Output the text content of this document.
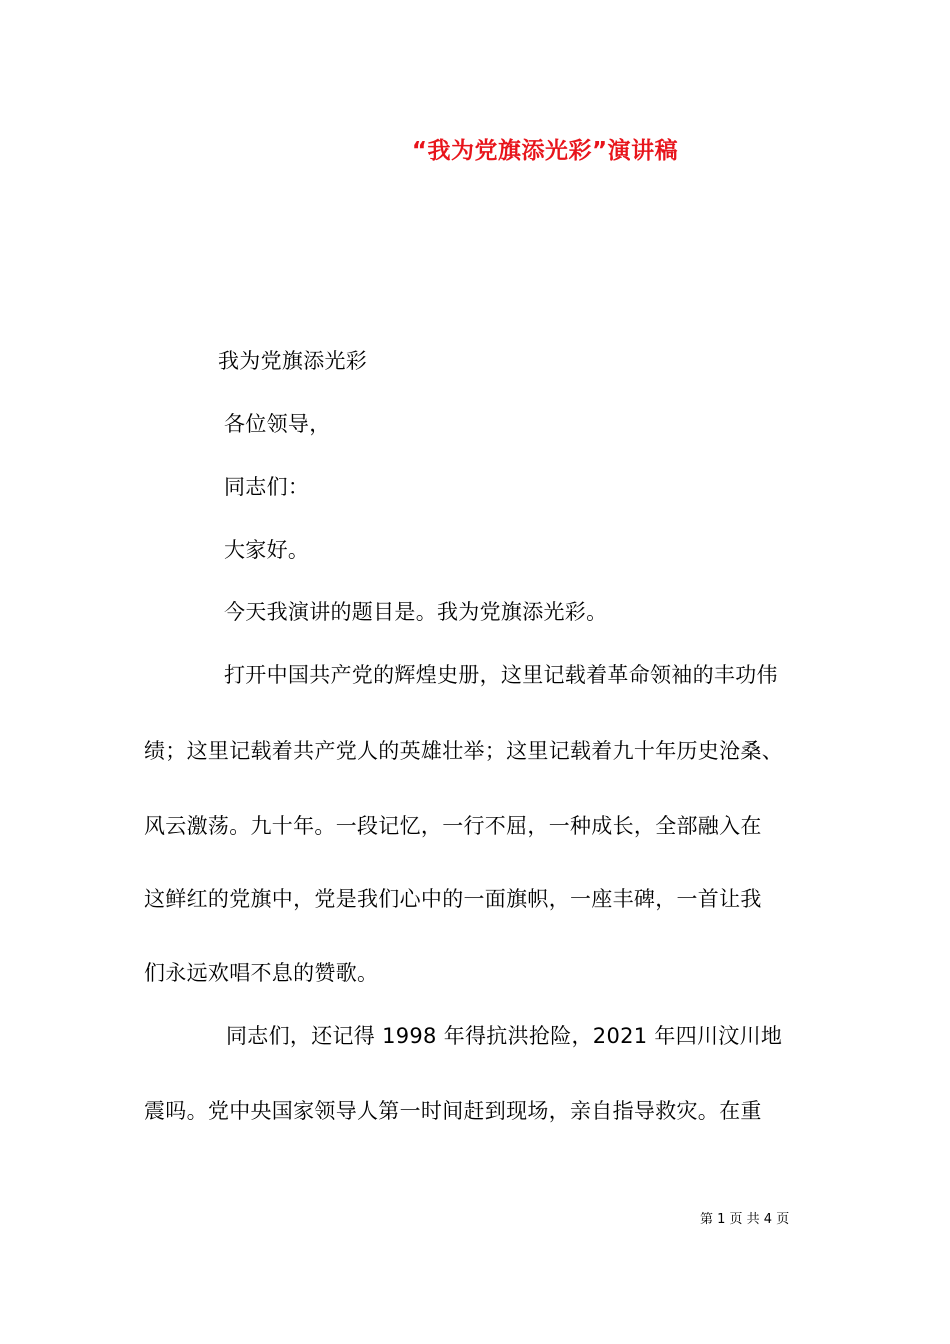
“我为党旗添光彩”演讲稿
我为党旗添光彩
各位领导，
同志们：
大家好。
今天我演讲的题目是。我为党旗添光彩。
打开中国共产党的辉煌史册，这里记载着革命领袖的丰功伟
绩；这里记载着共产党人的英雄壮举；这里记载着九十年历史沧桑、
风云激荡。九十年。一段记忆，一行不屈，一种成长，全部融入在
这鲜红的党旗中，党是我们心中的一面旗帜，一座丰碑，一首让我
们永远欢唱不息的赞歌。
同志们，还记得 1998 年得抗洪抢险，2021 年四川汶川地
震吗。党中央国家领导人第一时间赶到现场，亲自指导救灾。在重
第 1 页 共 4 页
